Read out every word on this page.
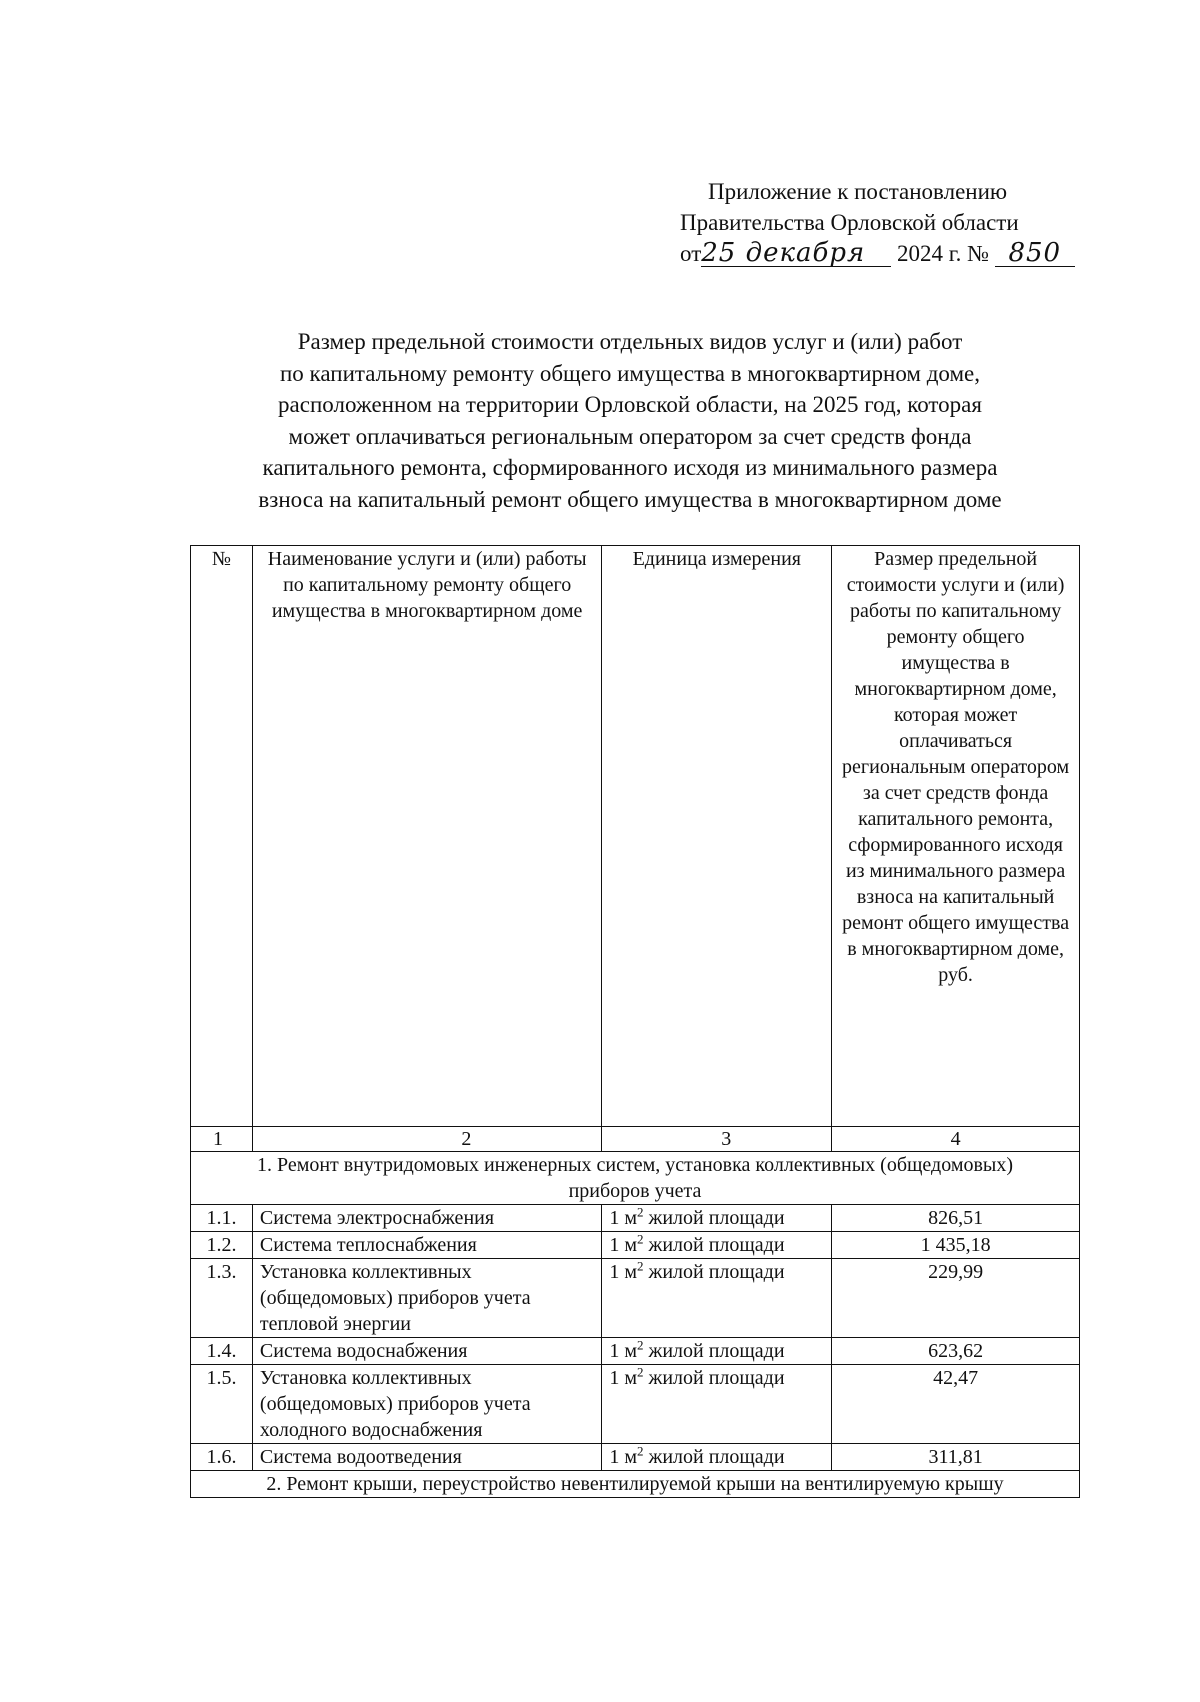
Приложение к постановлению
Правительства Орловской области
от25 декабря 2024 г. № 850
Размер предельной стоимости отдельных видов услуг и (или) работ
по капитальному ремонту общего имущества в многоквартирном доме,
расположенном на территории Орловской области, на 2025 год, которая
может оплачиваться региональным оператором за счет средств фонда
капитального ремонта, сформированного исходя из минимального размера
взноса на капитальный ремонт общего имущества в многоквартирном доме
№	Наименование услуги и (или) работы по капитальному ремонту общего имущества в многоквартирном доме	Единица измерения	Размер предельной стоимости услуги и (или) работы по капитальному ремонту общего имущества в многоквартирном доме, которая может оплачиваться региональным оператором за счет средств фонда капитального ремонта, сформированного исходя из минимального размера взноса на капитальный ремонт общего имущества в многоквартирном доме, руб.
1	2	3	4
1. Ремонт внутридомовых инженерных систем, установка коллективных (общедомовых) приборов учета			
1.1.	Система электроснабжения	1 $м^2$ жилой площади	826,51
1.2.	Система теплоснабжения	1 $м^2$ жилой площади	1 435,18
1.3.	Установка коллективных (общедомовых) приборов учета тепловой энергии	1 $м^2$ жилой площади	229,99
1.4.	Система водоснабжения	1 $м^2$ жилой площади	623,62
1.5.	Установка коллективных (общедомовых) приборов учета холодного водоснабжения	1 $м^2$ жилой площади	42,47
1.6.	Система водоотведения	1 $м^2$ жилой площади	311,81
2. Ремонт крыши, переустройство невентилируемой крыши на вентилируемую крышу			
